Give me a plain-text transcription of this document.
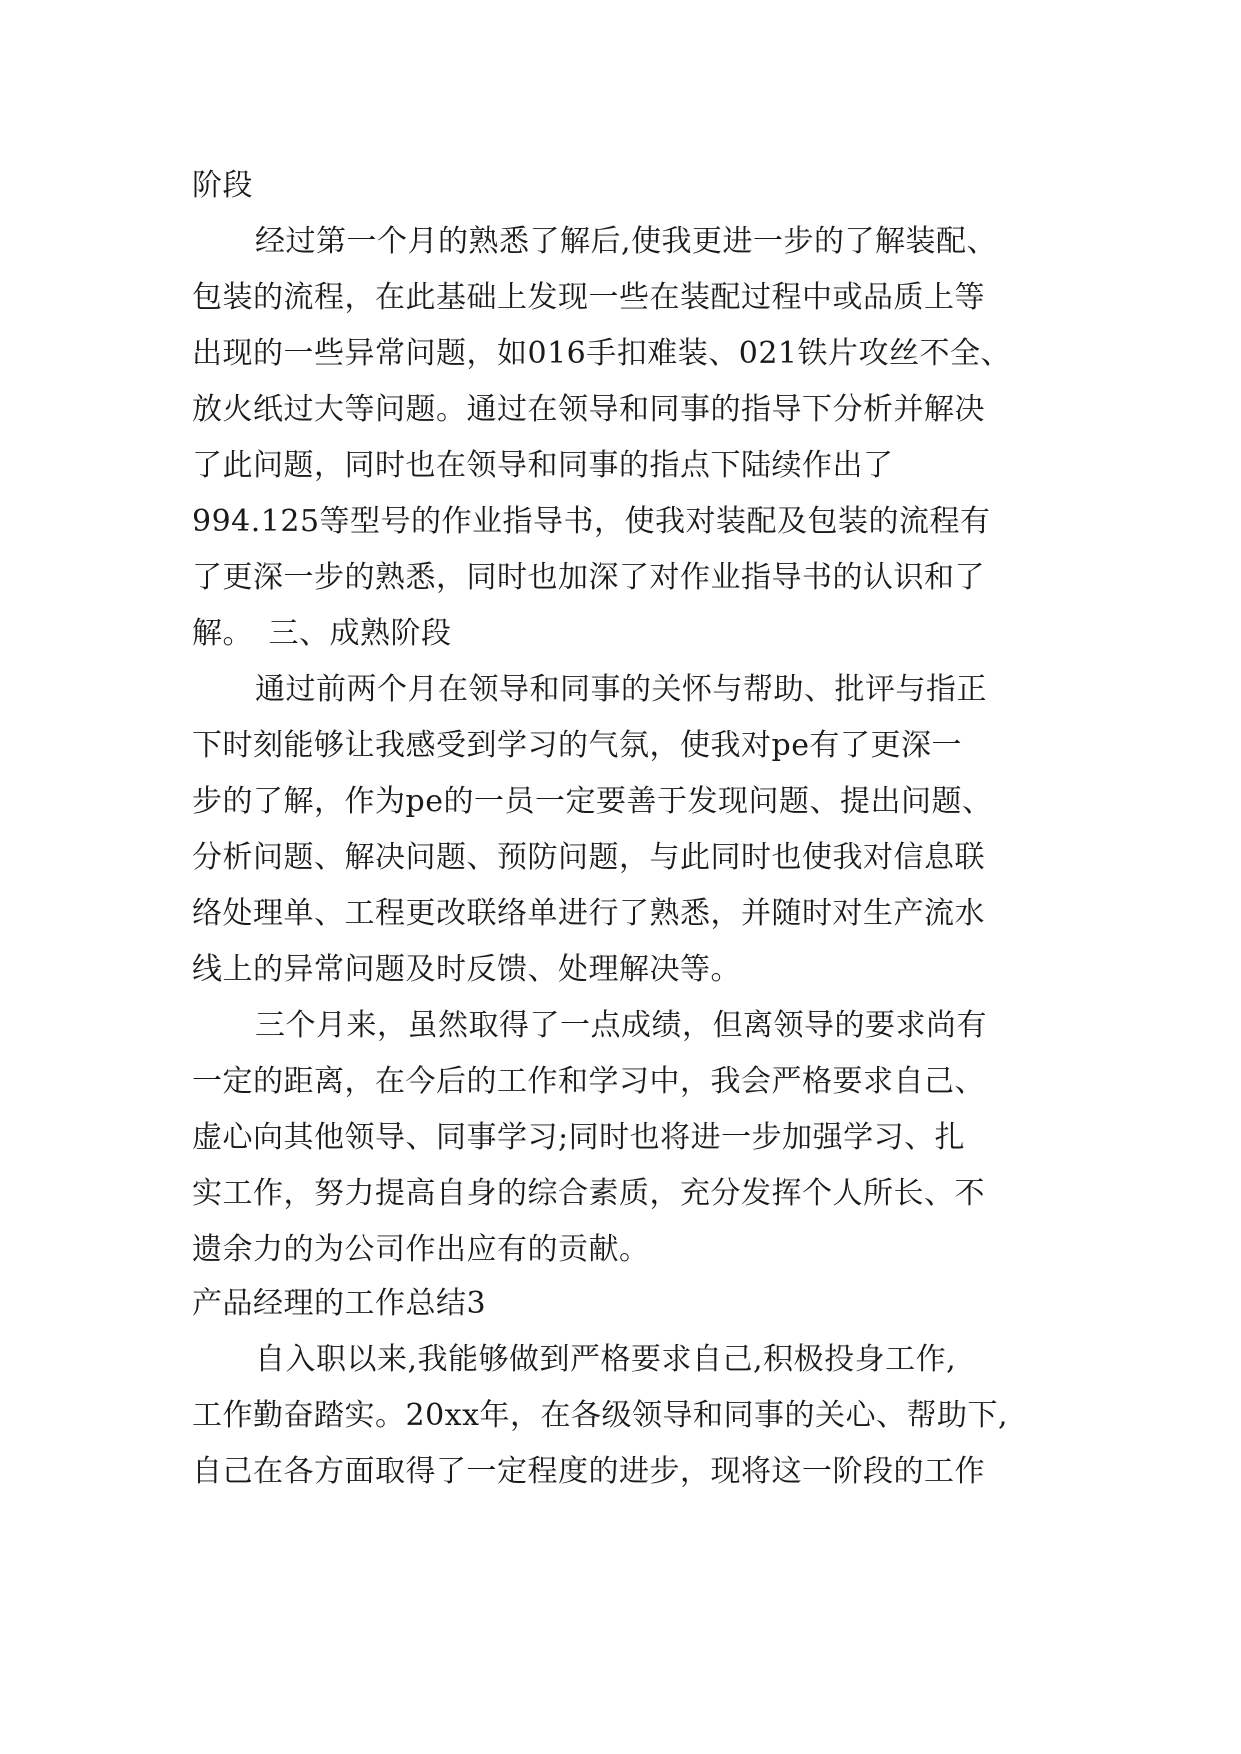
阶段
经过第一个月的熟悉了解后,使我更进一步的了解装配、
包装的流程，在此基础上发现一些在装配过程中或品质上等
出现的一些异常问题，如016手扣难装、021铁片攻丝不全、
放火纸过大等问题。通过在领导和同事的指导下分析并解决
了此问题，同时也在领导和同事的指点下陆续作出了
994.125等型号的作业指导书，使我对装配及包装的流程有
了更深一步的熟悉，同时也加深了对作业指导书的认识和了
解。　三、成熟阶段
通过前两个月在领导和同事的关怀与帮助、批评与指正
下时刻能够让我感受到学习的气氛，使我对pe有了更深一
步的了解，作为pe的一员一定要善于发现问题、提出问题、
分析问题、解决问题、预防问题，与此同时也使我对信息联
络处理单、工程更改联络单进行了熟悉，并随时对生产流水
线上的异常问题及时反馈、处理解决等。
三个月来，虽然取得了一点成绩，但离领导的要求尚有
一定的距离，在今后的工作和学习中，我会严格要求自己、
虚心向其他领导、同事学习;同时也将进一步加强学习、扎
实工作，努力提高自身的综合素质，充分发挥个人所长、不
遗余力的为公司作出应有的贡献。
产品经理的工作总结3
自入职以来,我能够做到严格要求自己,积极投身工作,
工作勤奋踏实。20xx年，在各级领导和同事的关心、帮助下,
自己在各方面取得了一定程度的进步，现将这一阶段的工作
